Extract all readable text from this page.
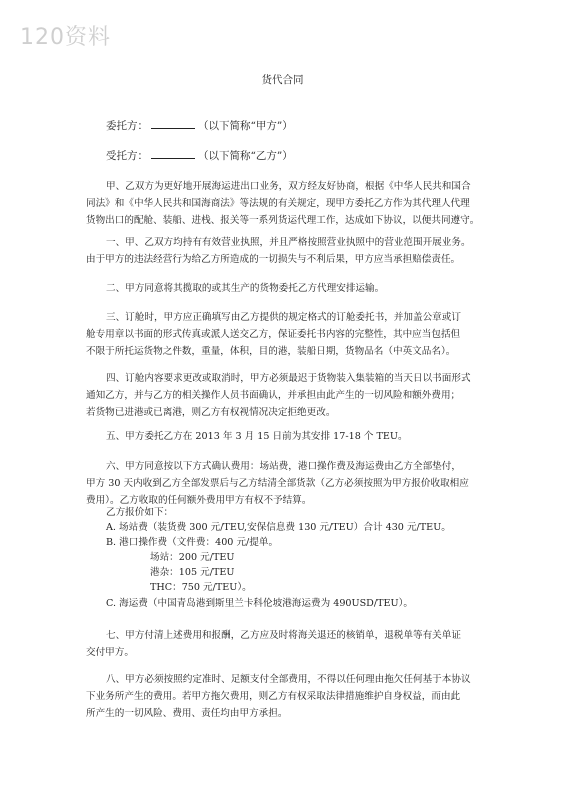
120资料
货代合同
委托方：	（以下简称“甲方”）
受托方：	（以下简称“乙方”）
甲、乙双方为更好地开展海运进出口业务，双方经友好协商，根据《中华人民共和国合
同法》和《中华人民共和国海商法》等法规的有关规定，现甲方委托乙方作为其代理人代理
货物出口的配舱、装船、进栈、报关等一系列货运代理工作，达成如下协议，以便共同遵守。
一、甲、乙双方均持有有效营业执照，并且严格按照营业执照中的营业范围开展业务。
由于甲方的违法经营行为给乙方所造成的一切损失与不利后果，甲方应当承担赔偿责任。
二、甲方同意将其揽取的或其生产的货物委托乙方代理安排运输。
三、订舱时，甲方应正确填写由乙方提供的规定格式的订舱委托书，并加盖公章或订
舱专用章以书面的形式传真或派人送交乙方，保证委托书内容的完整性，其中应当包括但
不限于所托运货物之件数，重量，体积，目的港，装船日期，货物品名（中英文品名）。
四、订舱内容要求更改或取消时，甲方必须最迟于货物装入集装箱的当天日以书面形式
通知乙方，并与乙方的相关操作人员书面确认，并承担由此产生的一切风险和额外费用；
若货物已进港或已离港，则乙方有权视情况决定拒绝更改。
五、甲方委托乙方在 2013 年 3 月 15 日前为其安排 17-18 个 TEU。
六、甲方同意按以下方式确认费用：场站费，港口操作费及海运费由乙方全部垫付，
甲方 30 天内收到乙方全部发票后与乙方结清全部货款（乙方必须按照为甲方报价收取相应
费用）。乙方收取的任何额外费用甲方有权不予结算。
乙方报价如下：
A. 场站费（装货费 300 元/TEU,安保信息费 130 元/TEU）合计 430 元/TEU。
B. 港口操作费（文件费：400 元/提单。
场站：200 元/TEU
港杂：105 元/TEU
THC：750 元/TEU）。
C. 海运费（中国青岛港到斯里兰卡科伦坡港海运费为 490USD/TEU）。
七、甲方付清上述费用和报酬，乙方应及时将海关退还的核销单，退税单等有关单证
交付甲方。
八、甲方必须按照约定准时、足额支付全部费用，不得以任何理由拖欠任何基于本协议
下业务所产生的费用。若甲方拖欠费用，则乙方有权采取法律措施维护自身权益，而由此
所产生的一切风险、费用、责任均由甲方承担。
